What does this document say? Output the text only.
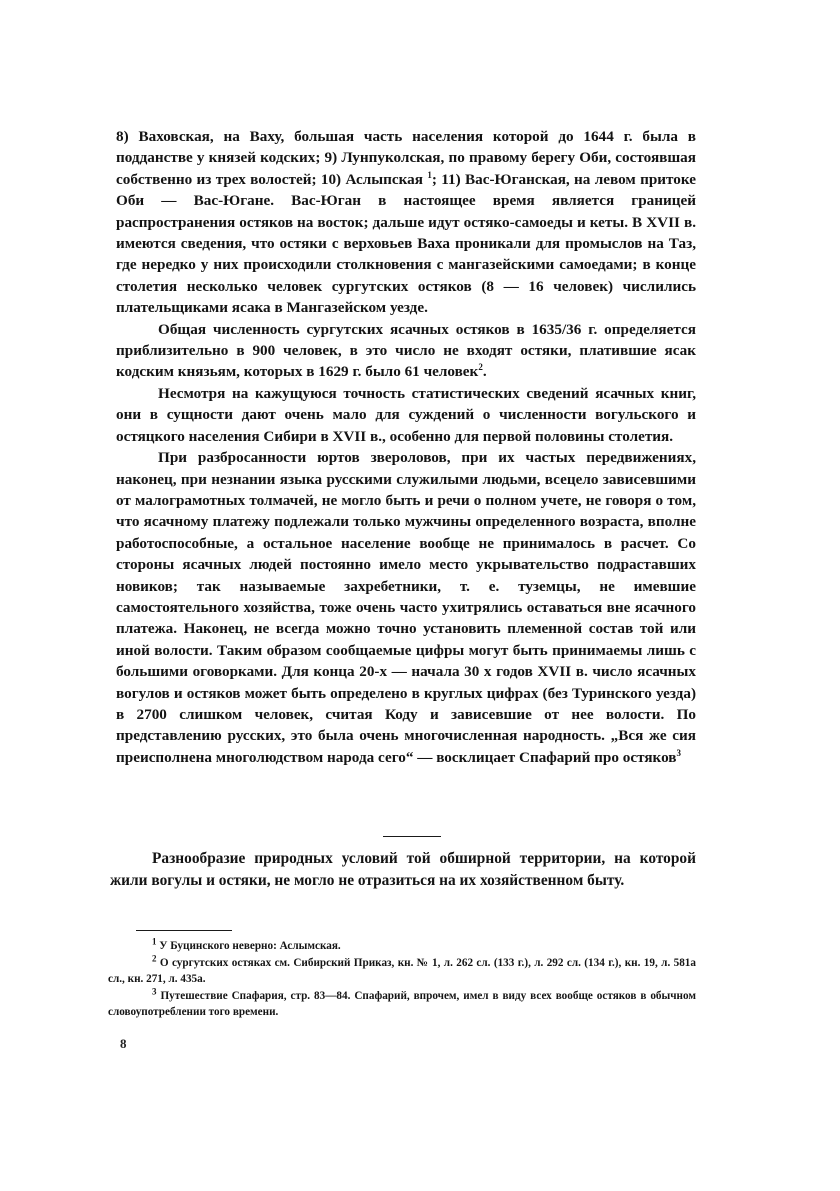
8) Ваховская, на Ваху, большая часть населения которой до 1644 г. была в подданстве у князей кодских; 9) Лунпуколская, по правому берегу Оби, состоявшая собственно из трех волостей; 10) Аслыпская $^1$; 11) Вас-Юганская, на левом притоке Оби — Вас-Югане. Вас-Юган в настоящее время является границей распространения остяков на восток; дальше идут остяко-самоеды и кеты. В XVII в. имеются сведения, что остяки с верховьев Ваха проникали для промыслов на Таз, где нередко у них происходили столкновения с мангазейскими самоедами; в конце столетия несколько человек сургутских остяков (8 — 16 человек) числились плательщиками ясака в Мангазейском уезде.

Общая численность сургутских ясачных остяков в 1635/36 г. определяется приблизительно в 900 человек, в это число не входят остяки, платившие ясак кодским князьям, которых в 1629 г. было 61 человек$^2$.

Несмотря на кажущуюся точность статистических сведений ясачных книг, они в сущности дают очень мало для суждений о численности вогульского и остяцкого населения Сибири в XVII в., особенно для первой половины столетия.

При разбросанности юртов звероловов, при их частых передвижениях, наконец, при незнании языка русскими служилыми людьми, всецело зависевшими от малограмотных толмачей, не могло быть и речи о полном учете, не говоря о том, что ясачному платежу подлежали только мужчины определенного возраста, вполне работоспособные, а остальное население вообще не принималось в расчет. Со стороны ясачных людей постоянно имело место укрывательство подраставших новиков; так называемые захребетники, т. е. туземцы, не имевшие самостоятельного хозяйства, тоже очень часто ухитрялись оставаться вне ясачного платежа. Наконец, не всегда можно точно установить племенной состав той или иной волости. Таким образом сообщаемые цифры могут быть принимаемы лишь с большими оговорками. Для конца 20-х — начала 30 х годов XVII в. число ясачных вогулов и остяков может быть определено в круглых цифрах (без Туринского уезда) в 2700 слишком человек, считая Коду и зависевшие от нее волости. По представлению русских, это была очень многочисленная народность. „Вся же сия преисполнена многолюдством народа сего“ — восклицает Спафарий про остяков$^3$

Разнообразие природных условий той обширной территории, на которой жили вогулы и остяки, не могло не отразиться на их хозяйственном быту.

$^1$ У Буцинского неверно: Аслымская.

$^2$ О сургутских остяках см. Сибирский Приказ, кн. № 1, л. 262 сл. (133 г.), л. 292 сл. (134 г.), кн. 19, л. 581а сл., кн. 271, л. 435а.

$^3$ Путешествие Спафария, стр. 83—84. Спафарий, впрочем, имел в виду всех вообще остяков в обычном словоупотреблении того времени.

8
